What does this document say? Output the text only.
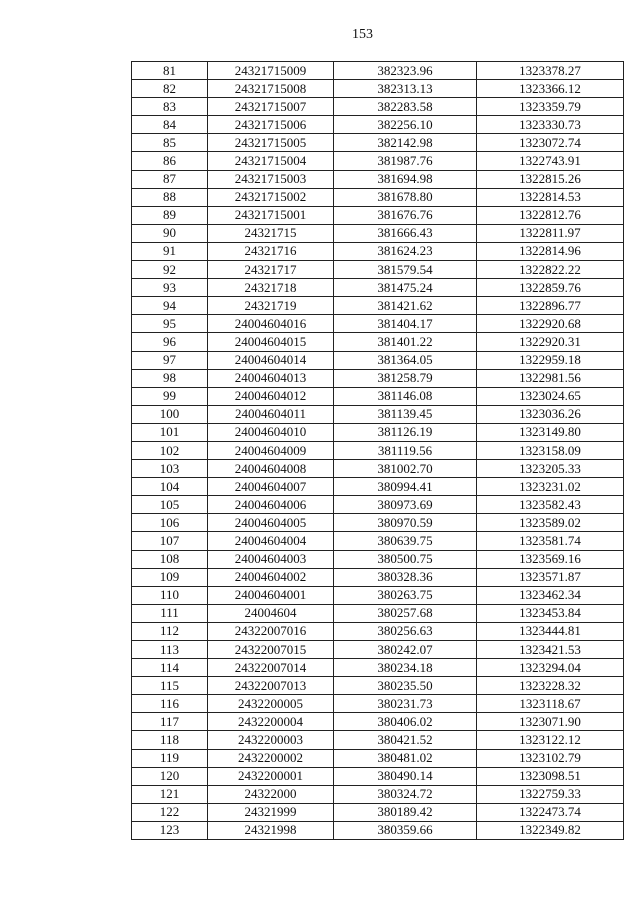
153
81	24321715009	382323.96	1323378.27
82	24321715008	382313.13	1323366.12
83	24321715007	382283.58	1323359.79
84	24321715006	382256.10	1323330.73
85	24321715005	382142.98	1323072.74
86	24321715004	381987.76	1322743.91
87	24321715003	381694.98	1322815.26
88	24321715002	381678.80	1322814.53
89	24321715001	381676.76	1322812.76
90	24321715	381666.43	1322811.97
91	24321716	381624.23	1322814.96
92	24321717	381579.54	1322822.22
93	24321718	381475.24	1322859.76
94	24321719	381421.62	1322896.77
95	24004604016	381404.17	1322920.68
96	24004604015	381401.22	1322920.31
97	24004604014	381364.05	1322959.18
98	24004604013	381258.79	1322981.56
99	24004604012	381146.08	1323024.65
100	24004604011	381139.45	1323036.26
101	24004604010	381126.19	1323149.80
102	24004604009	381119.56	1323158.09
103	24004604008	381002.70	1323205.33
104	24004604007	380994.41	1323231.02
105	24004604006	380973.69	1323582.43
106	24004604005	380970.59	1323589.02
107	24004604004	380639.75	1323581.74
108	24004604003	380500.75	1323569.16
109	24004604002	380328.36	1323571.87
110	24004604001	380263.75	1323462.34
111	24004604	380257.68	1323453.84
112	24322007016	380256.63	1323444.81
113	24322007015	380242.07	1323421.53
114	24322007014	380234.18	1323294.04
115	24322007013	380235.50	1323228.32
116	2432200005	380231.73	1323118.67
117	2432200004	380406.02	1323071.90
118	2432200003	380421.52	1323122.12
119	2432200002	380481.02	1323102.79
120	2432200001	380490.14	1323098.51
121	24322000	380324.72	1322759.33
122	24321999	380189.42	1322473.74
123	24321998	380359.66	1322349.82
